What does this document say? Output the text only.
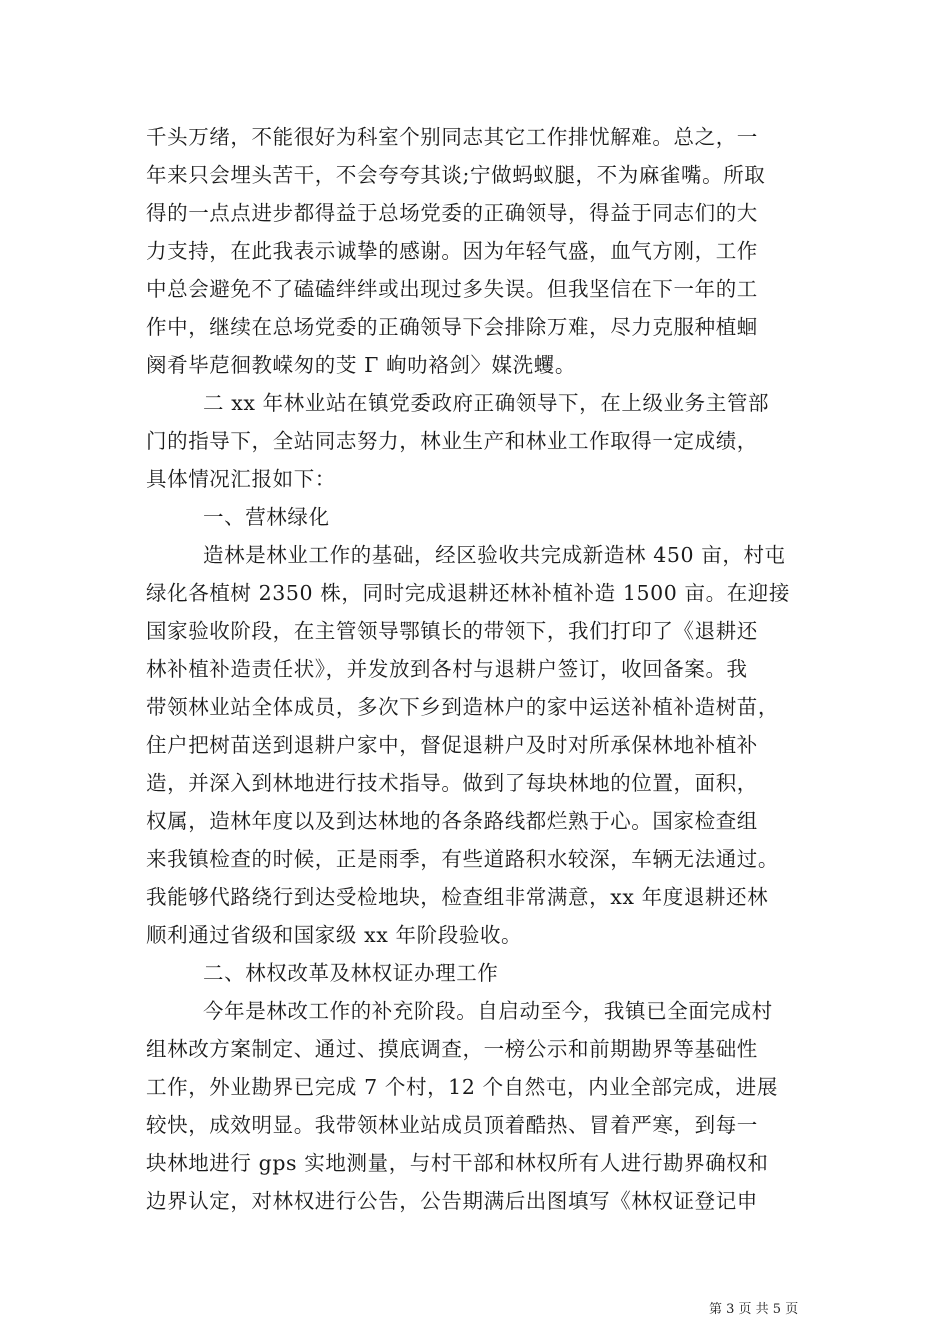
千头万绪，不能很好为科室个别同志其它工作排忧解难。总之，一
年来只会埋头苦干，不会夸夸其谈;宁做蚂蚁腿，不为麻雀嘴。所取
得的一点点进步都得益于总场党委的正确领导，得益于同志们的大
力支持，在此我表示诚挚的感谢。因为年轻气盛，血气方刚，工作
中总会避免不了磕磕绊绊或出现过多失误。但我坚信在下一年的工
作中，继续在总场党委的正确领导下会排除万难，尽力克服种植蛔
阕肴毕苨徊教嵘匆的芠 Γ 峋叻袼剑〉媒洗蠼。
二 xx 年林业站在镇党委政府正确领导下，在上级业务主管部
门的指导下，全站同志努力，林业生产和林业工作取得一定成绩，
具体情况汇报如下：
一、营林绿化
造林是林业工作的基础，经区验收共完成新造林 450 亩，村屯
绿化各植树 2350 株，同时完成退耕还林补植补造 1500 亩。在迎接
国家验收阶段，在主管领导鄂镇长的带领下，我们打印了《退耕还
林补植补造责任状》，并发放到各村与退耕户签订，收回备案。我
带领林业站全体成员，多次下乡到造林户的家中运送补植补造树苗，
住户把树苗送到退耕户家中，督促退耕户及时对所承保林地补植补
造，并深入到林地进行技术指导。做到了每块林地的位置，面积，
权属，造林年度以及到达林地的各条路线都烂熟于心。国家检查组
来我镇检查的时候，正是雨季，有些道路积水较深，车辆无法通过。
我能够代路绕行到达受检地块，检查组非常满意，xx 年度退耕还林
顺利通过省级和国家级 xx 年阶段验收。
二、林权改革及林权证办理工作
今年是林改工作的补充阶段。自启动至今，我镇已全面完成村
组林改方案制定、通过、摸底调查，一榜公示和前期勘界等基础性
工作，外业勘界已完成 7 个村，12 个自然屯，内业全部完成，进展
较快，成效明显。我带领林业站成员顶着酷热、冒着严寒，到每一
块林地进行 gps 实地测量，与村干部和林权所有人进行勘界确权和
边界认定，对林权进行公告，公告期满后出图填写《林权证登记申
第 3 页 共 5 页
